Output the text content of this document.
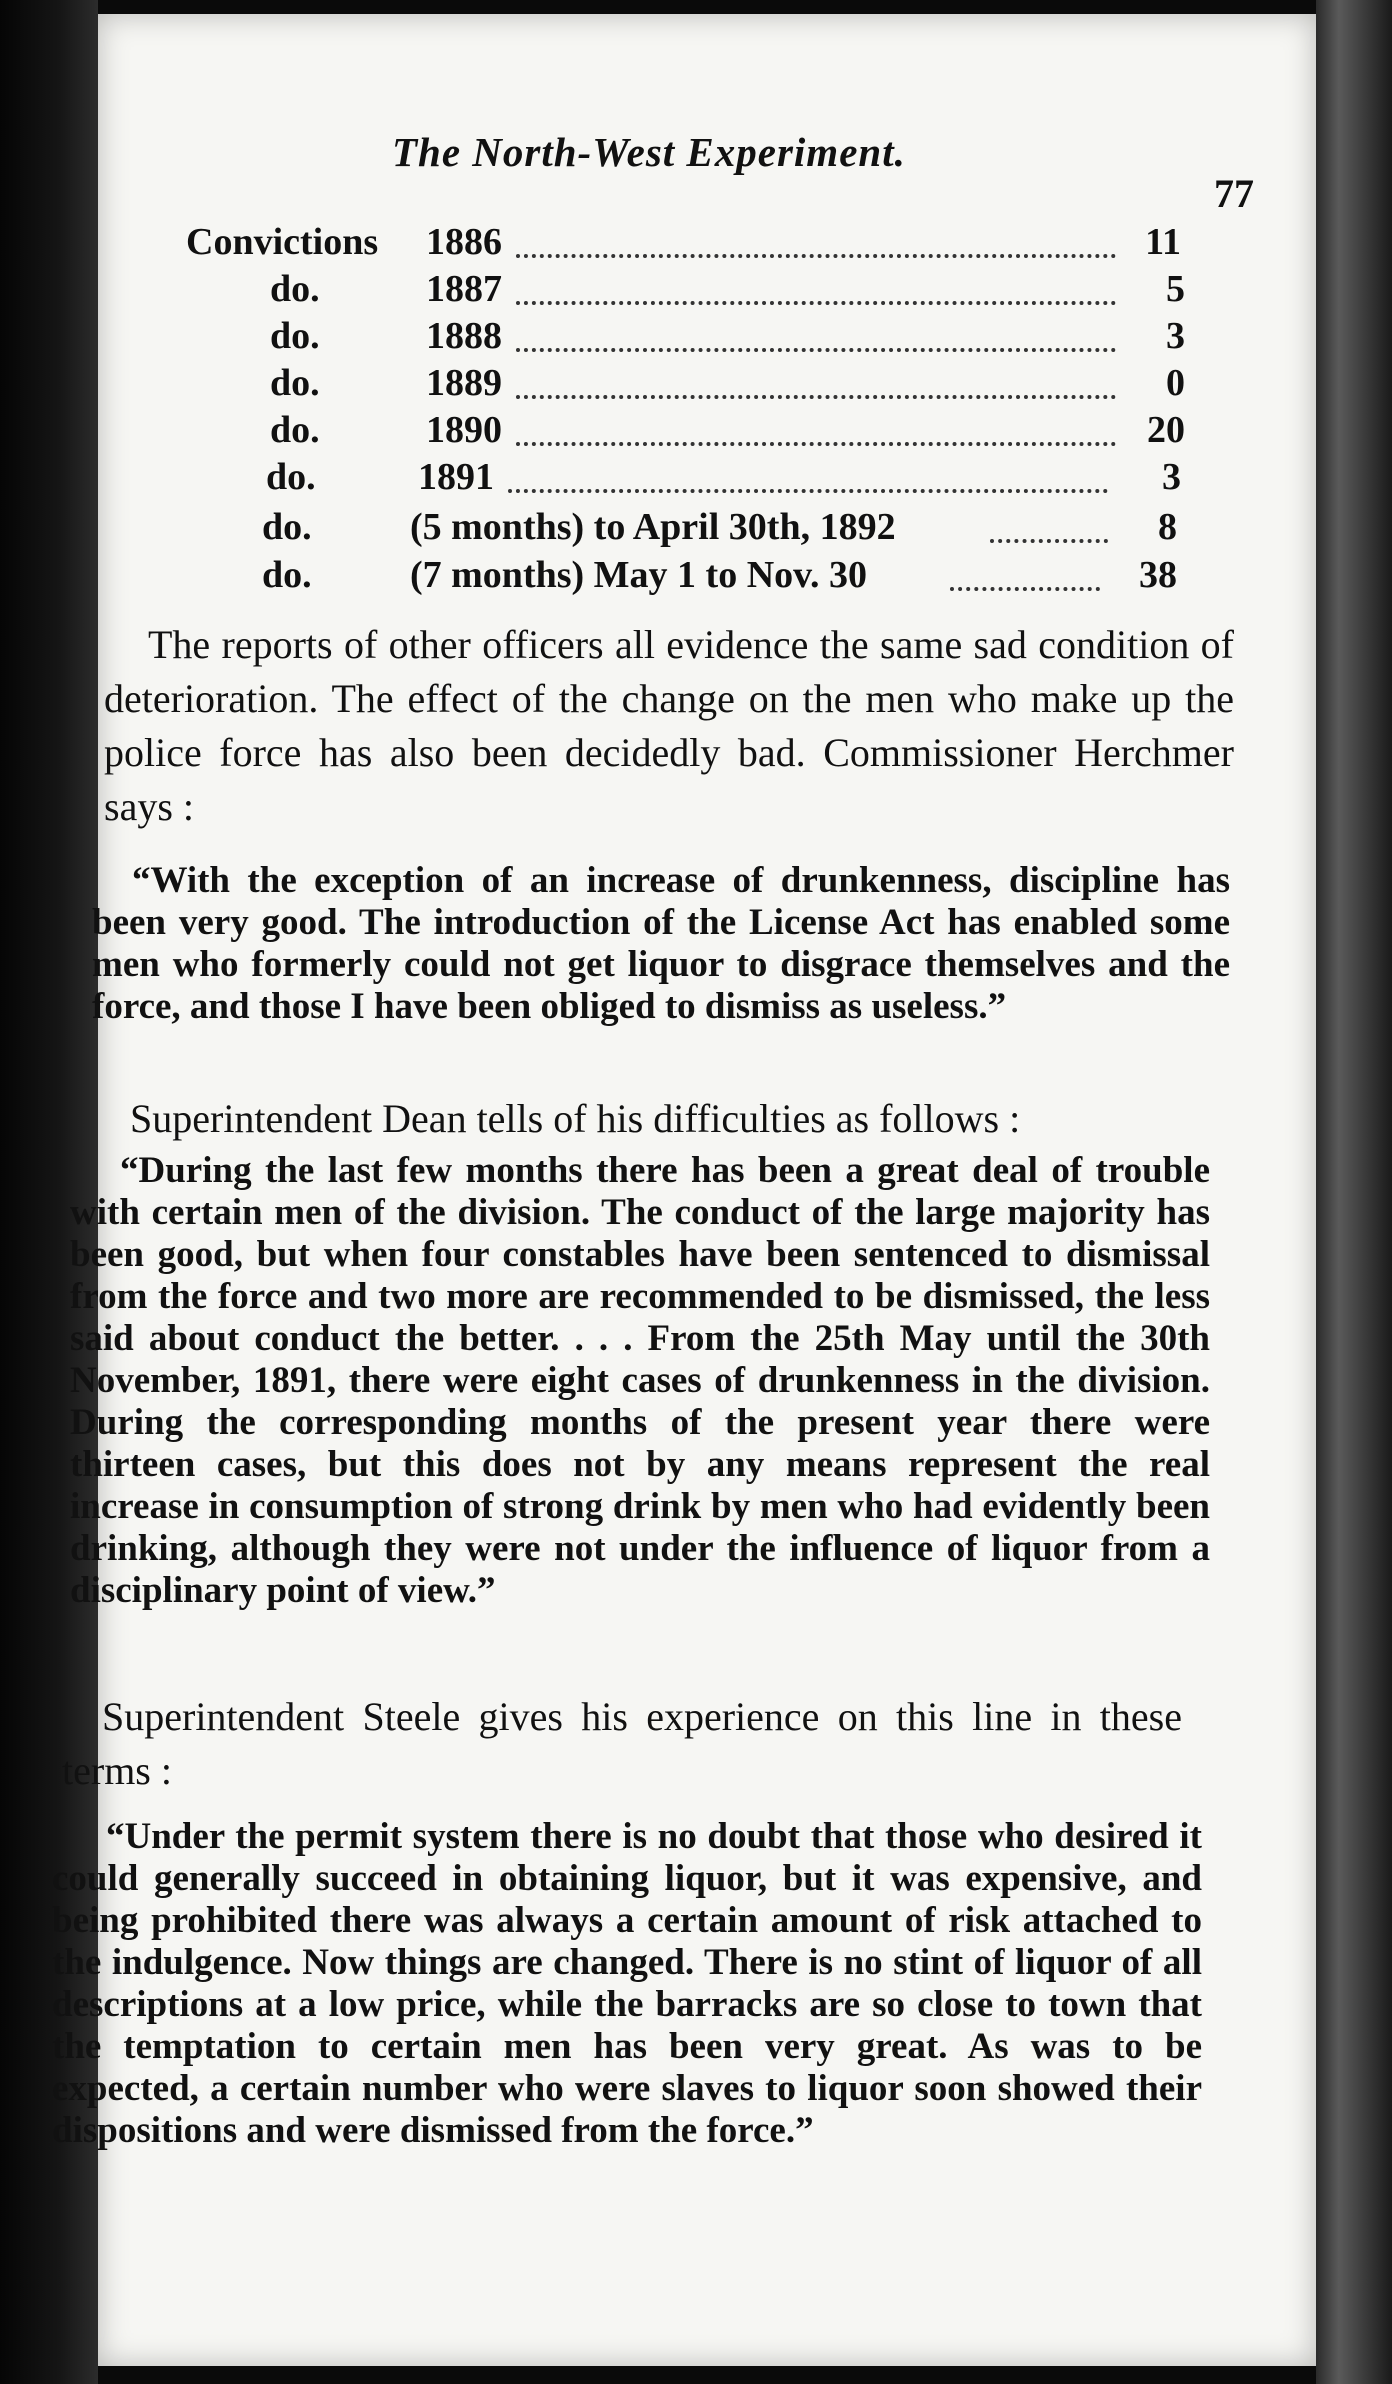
The North-West Experiment.
77
Convictions 1886	11
do.	1887	5
do.	1888	3
do.	1889	0
do.	1890	20
do.	1891	3
do.	(5 months) to April 30th, 1892	8
do.	(7 months) May 1 to Nov. 30	38
The reports of other officers all evidence the same sad condition of deterioration. The effect of the change on the men who make up the police force has also been decidedly bad. Commissioner Herchmer says :
“With the exception of an increase of drunkenness, discipline has been very good. The introduction of the License Act has enabled some men who formerly could not get liquor to disgrace themselves and the force, and those I have been obliged to dismiss as useless.”
Superintendent Dean tells of his difficulties as follows :
“During the last few months there has been a great deal of trouble with certain men of the division. The conduct of the large majority has been good, but when four constables have been sentenced to dismissal from the force and two more are recommended to be dismissed, the less said about conduct the better. . . . From the 25th May until the 30th November, 1891, there were eight cases of drunkenness in the division. During the corresponding months of the present year there were thirteen cases, but this does not by any means represent the real increase in consumption of strong drink by men who had evidently been drinking, although they were not under the influence of liquor from a disciplinary point of view.”
Superintendent Steele gives his experience on this line in these terms :
“Under the permit system there is no doubt that those who desired it could generally succeed in obtaining liquor, but it was expensive, and being prohibited there was always a certain amount of risk attached to the indulgence. Now things are changed. There is no stint of liquor of all descriptions at a low price, while the barracks are so close to town that the temptation to certain men has been very great. As was to be expected, a certain number who were slaves to liquor soon showed their dispositions and were dismissed from the force.”
